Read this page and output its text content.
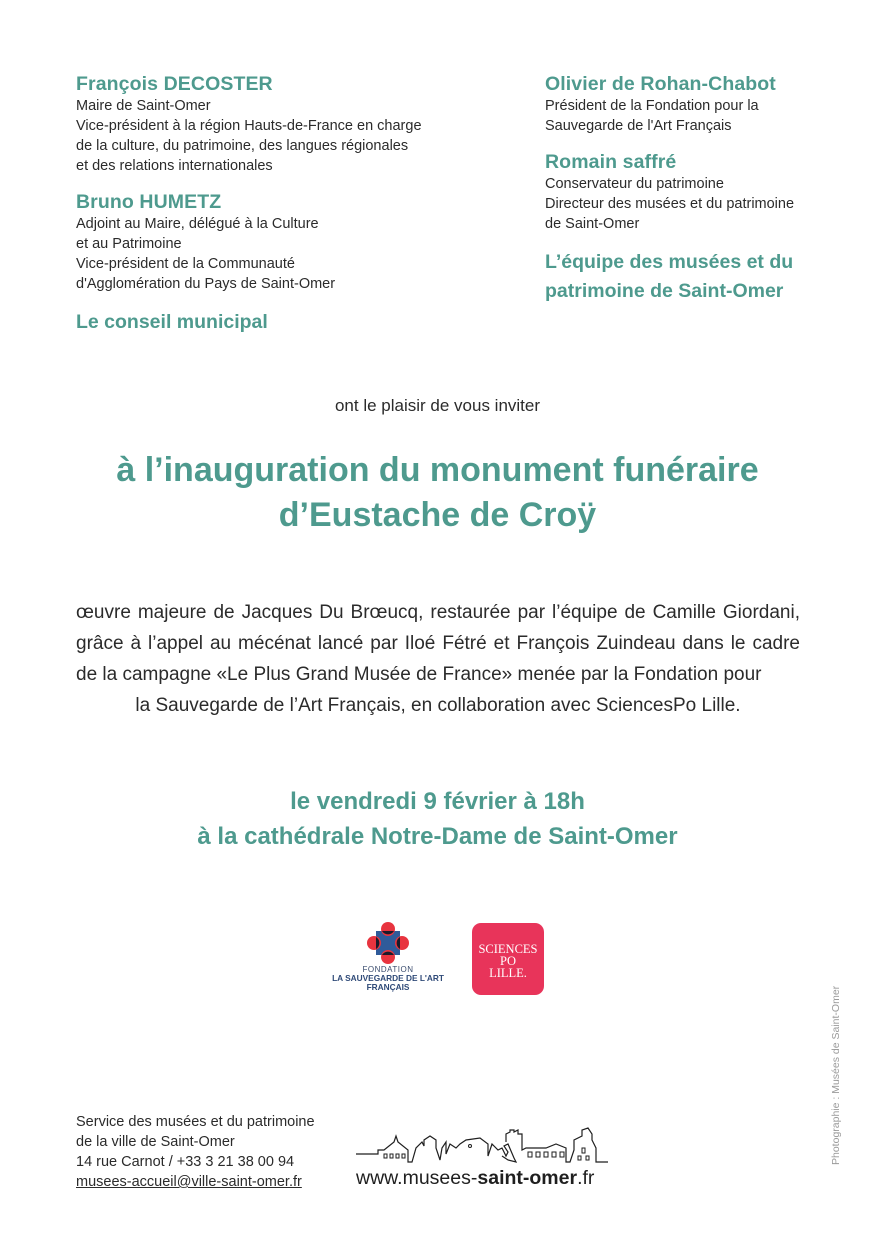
François DECOSTER
Maire de Saint-Omer
Vice-président à la région Hauts-de-France en charge
de la culture, du patrimoine, des langues régionales
et des relations internationales
Bruno HUMETZ
Adjoint au Maire, délégué à la Culture
et au Patrimoine
Vice-président de la Communauté
d'Agglomération du Pays de Saint-Omer
Le conseil municipal
Olivier de Rohan-Chabot
Président de la Fondation pour la
Sauvegarde de l'Art Français
Romain saffré
Conservateur du patrimoine
Directeur des musées et du patrimoine
de Saint-Omer
L’équipe des musées et du
patrimoine de Saint-Omer
ont le plaisir de vous inviter
à l’inauguration du monument funéraire
d’Eustache de Croÿ
œuvre majeure de Jacques Du Brœucq, restaurée par l’équipe de Camille Giordani, grâce à l’appel au mécénat lancé par Iloé Fétré et François Zuindeau dans le cadre de la campagne «Le Plus Grand Musée de France» menée par la Fondation pour
la Sauvegarde de l’Art Français, en collaboration avec SciencesPo Lille.
le vendredi 9 février à 18h
à la cathédrale Notre-Dame de Saint-Omer
FONDATION
LA SAUVEGARDE DE L'ART
FRANÇAIS
SCIENCES
PO
LILLE.
Photographie : Musées de Saint-Omer
Service des musées et du patrimoine
de la ville de Saint-Omer
14 rue Carnot / +33 3 21 38 00 94
musees-accueil@ville-saint-omer.fr	www.musees-saint-omer.fr
